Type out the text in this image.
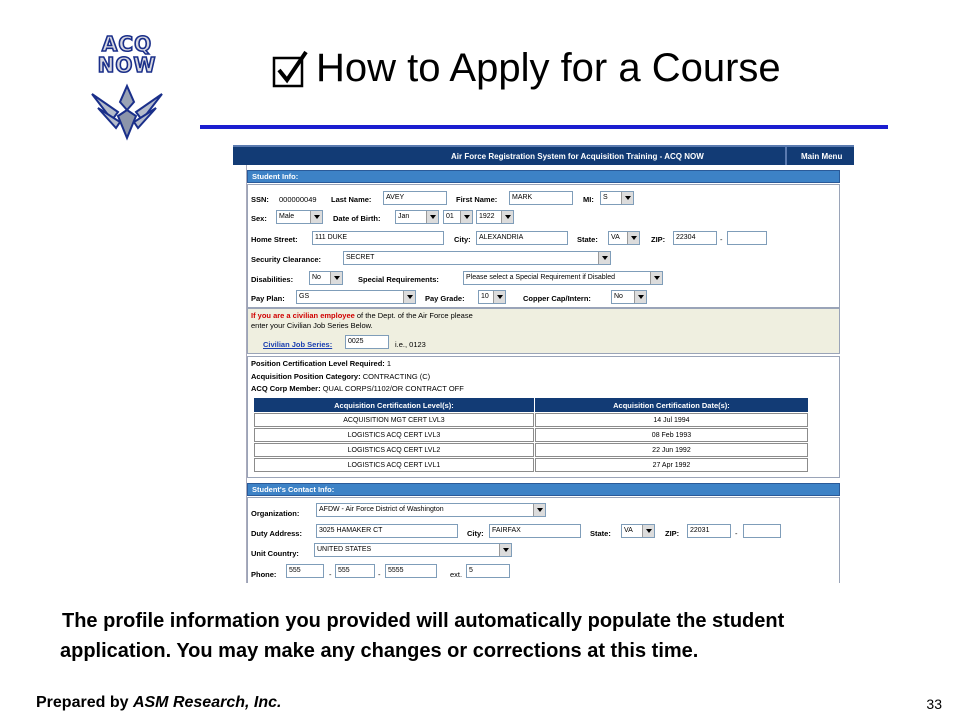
ACQ
NOW	How to Apply for a Course
Air Force Registration System for Acquisition Training - ACQ NOW	Main Menu
Student Info:
SSN: 000000049 Last Name:	AVEY	First Name:	MARK	MI:	S
Sex:	Male	Date of Birth:	Jan	01	1922
Home Street:	111 DUKE	City:	ALEXANDRIA	State:	VA	ZIP:	22304	-
Security Clearance:	SECRET
Disabilities:	No	Special Requirements:	Please select a Special Requirement if Disabled
Pay Plan:	GS	Pay Grade:	10	Copper Cap/Intern:	No
If you are a civilian employee of the Dept. of the Air Force please
enter your Civilian Job Series Below.
Civilian Job Series:	0025	i.e., 0123
Position Certification Level Required: 1
Acquisition Position Category: CONTRACTING (C)
ACQ Corp Member: QUAL CORPS/1102/OR CONTRACT OFF
Acquisition Certification Level(s):	Acquisition Certification Date(s):
ACQUISITION MGT CERT LVL3	14 Jul 1994
LOGISTICS ACQ CERT LVL3	08 Feb 1993
LOGISTICS ACQ CERT LVL2	22 Jun 1992
LOGISTICS ACQ CERT LVL1	27 Apr 1992
Student's Contact Info:
Organization:	AFDW - Air Force District of Washington
Duty Address:	3025 HAMAKER CT	City:	FAIRFAX	State:	VA	ZIP:	22031	-
Unit Country:	UNITED STATES
Phone:	555	- 555	-	5555	ext. 5
The profile information you provided will automatically populate the student
application. You may make any changes or corrections at this time.
Prepared by ASM Research, Inc.	33
